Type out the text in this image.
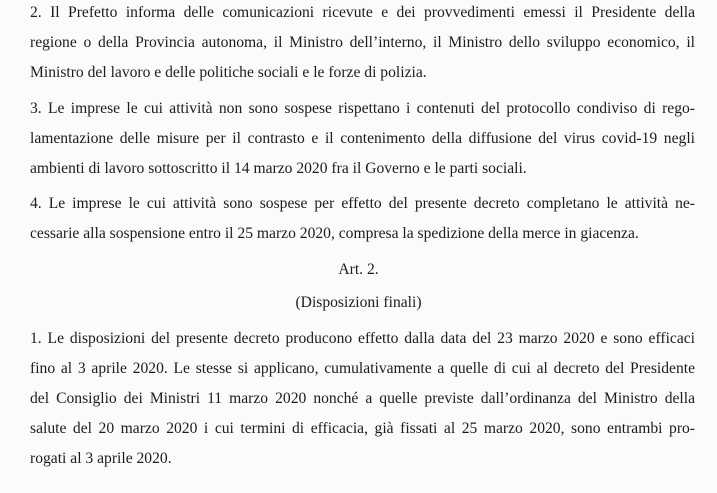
2. Il Prefetto informa delle comunicazioni ricevute e dei provvedimenti emessi il Presidente della
regione o della Provincia autonoma, il Ministro dell’interno, il Ministro dello sviluppo economico, il
Ministro del lavoro e delle politiche sociali e le forze di polizia.
3. Le imprese le cui attività non sono sospese rispettano i contenuti del protocollo condiviso di rego-
lamentazione delle misure per il contrasto e il contenimento della diffusione del virus covid-19 negli
ambienti di lavoro sottoscritto il 14 marzo 2020 fra il Governo e le parti sociali.
4. Le imprese le cui attività sono sospese per effetto del presente decreto completano le attività ne-
cessarie alla sospensione entro il 25 marzo 2020, compresa la spedizione della merce in giacenza.
Art. 2.
(Disposizioni finali)
1. Le disposizioni del presente decreto producono effetto dalla data del 23 marzo 2020 e sono efficaci
fino al 3 aprile 2020. Le stesse si applicano, cumulativamente a quelle di cui al decreto del Presidente
del Consiglio dei Ministri 11 marzo 2020 nonché a quelle previste dall’ordinanza del Ministro della
salute del 20 marzo 2020 i cui termini di efficacia, già fissati al 25 marzo 2020, sono entrambi pro-
rogati al 3 aprile 2020.
